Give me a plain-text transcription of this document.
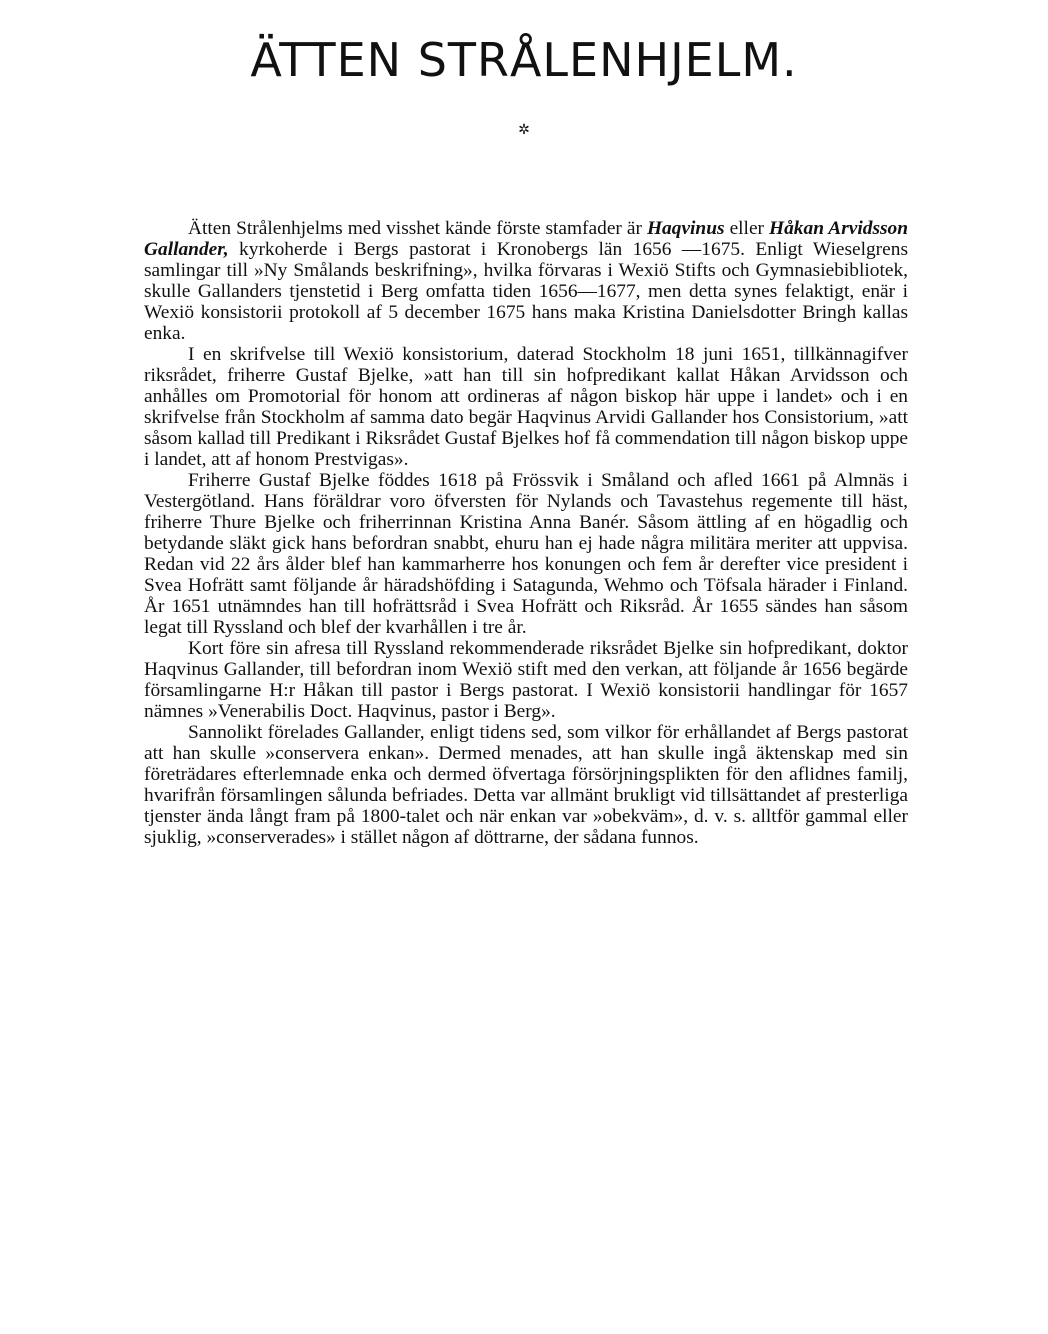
ÄTTEN STRÅLENHJELM.
✲

Ätten Strålenhjelms med visshet kände förste stamfader är Haqvinus eller Håkan Arvidsson Gallander, kyrkoherde i Bergs pastorat i Kronobergs län 1656 —1675. Enligt Wieselgrens samlingar till »Ny Smålands beskrifning», hvilka förvaras i Wexiö Stifts och Gymnasiebibliotek, skulle Gallanders tjenstetid i Berg omfatta tiden 1656—1677, men detta synes felaktigt, enär i Wexiö konsistorii protokoll af 5 december 1675 hans maka Kristina Danielsdotter Bringh kallas enka.

I en skrifvelse till Wexiö konsistorium, daterad Stockholm 18 juni 1651, tillkännagifver riksrådet, friherre Gustaf Bjelke, »att han till sin hofpredikant kallat Håkan Arvidsson och anhålles om Promotorial för honom att ordineras af någon biskop här uppe i landet» och i en skrifvelse från Stockholm af samma dato begär Haqvinus Arvidi Gallander hos Consistorium, »att såsom kallad till Predikant i Riksrådet Gustaf Bjelkes hof få commendation till någon biskop uppe i landet, att af honom Prestvigas».

Friherre Gustaf Bjelke föddes 1618 på Frössvik i Småland och afled 1661 på Almnäs i Vestergötland. Hans föräldrar voro öfversten för Nylands och Tavastehus regemente till häst, friherre Thure Bjelke och friherrinnan Kristina Anna Banér. Såsom ättling af en högadlig och betydande släkt gick hans befordran snabbt, ehuru han ej hade några militära meriter att uppvisa. Redan vid 22 års ålder blef han kammarherre hos konungen och fem år derefter vice president i Svea Hofrätt samt följande år häradshöfding i Satagunda, Wehmo och Töfsala härader i Finland. År 1651 utnämndes han till hofrättsråd i Svea Hofrätt och Riksråd. År 1655 sändes han såsom legat till Ryssland och blef der kvarhållen i tre år.

Kort före sin afresa till Ryssland rekommenderade riksrådet Bjelke sin hofpredikant, doktor Haqvinus Gallander, till befordran inom Wexiö stift med den verkan, att följande år 1656 begärde församlingarne H:r Håkan till pastor i Bergs pastorat. I Wexiö konsistorii handlingar för 1657 nämnes »Venerabilis Doct. Haqvinus, pastor i Berg».

Sannolikt förelades Gallander, enligt tidens sed, som vilkor för erhållandet af Bergs pastorat att han skulle »conservera enkan». Dermed menades, att han skulle ingå äktenskap med sin företrädares efterlemnade enka och dermed öfvertaga försörjningsplikten för den aflidnes familj, hvarifrån församlingen sålunda befriades. Detta var allmänt brukligt vid tillsättandet af presterliga tjenster ända långt fram på 1800-talet och när enkan var »obekväm», d. v. s. alltför gammal eller sjuklig, »conserverades» i stället någon af döttrarne, der sådana funnos.
